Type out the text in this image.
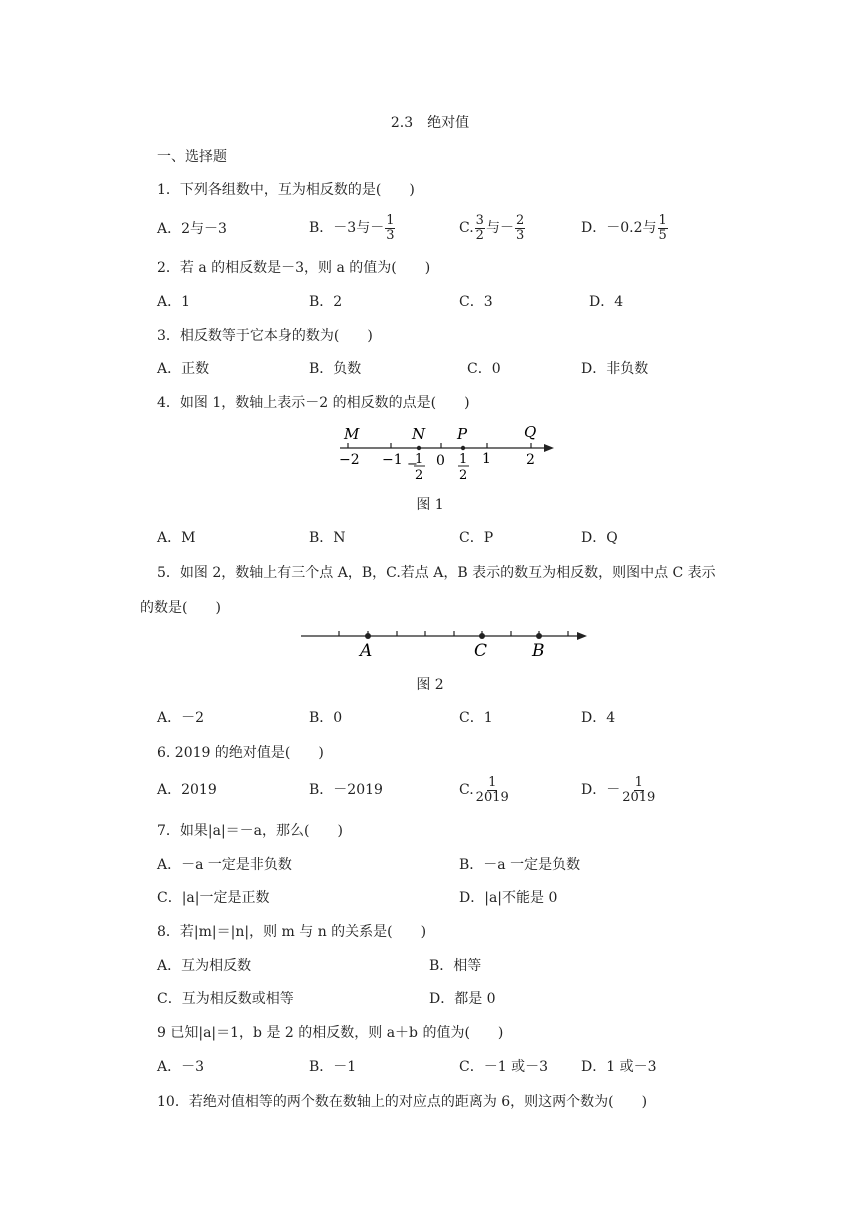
2.3　绝对值
一、选择题
1．下列各组数中，互为相反数的是(　　)
A．2与－3	B．－3与－ $\frac{1}{3}$	C. $\frac{3}{2}$ 与－ $\frac{2}{3}$	D．－0.2与 $\frac{1}{5}$
2．若 a 的相反数是－3，则 a 的值为(　　)
A．1	B．2	C．3	D．4
3．相反数等于它本身的数为(　　)
A．正数	B．负数	C．0	D．非负数
4．如图 1，数轴上表示－2 的相反数的点是(　　)
M	N P	Q
−2 −1 0	1	2
−
1
2
1
2
图 1
A．M	B．N	C．P	D．Q
5．如图 2，数轴上有三个点 A，B，C.若点 A，B 表示的数互为相反数，则图中点 C 表示
的数是(　　)
A	C	B
图 2
A．－2	B．0	C．1	D．4
6. 2019 的绝对值是(　　)
A．2019	B．－2019	C. $\frac{1}{2019}$	D．－ $\frac{1}{2019}$
7．如果|a|＝－a，那么(　　)
A．－a 一定是非负数	B．－a 一定是负数
C．|a|一定是正数	D．|a|不能是 0
8．若|m|＝|n|，则 m 与 n 的关系是(　　)
A．互为相反数	B．相等
C．互为相反数或相等	D．都是 0
9 已知|a|＝1，b 是 2 的相反数，则 a＋b 的值为(　　)
A．－3	B．－1	C．－1 或－3 D．1 或－3
10．若绝对值相等的两个数在数轴上的对应点的距离为 6，则这两个数为(　　)
